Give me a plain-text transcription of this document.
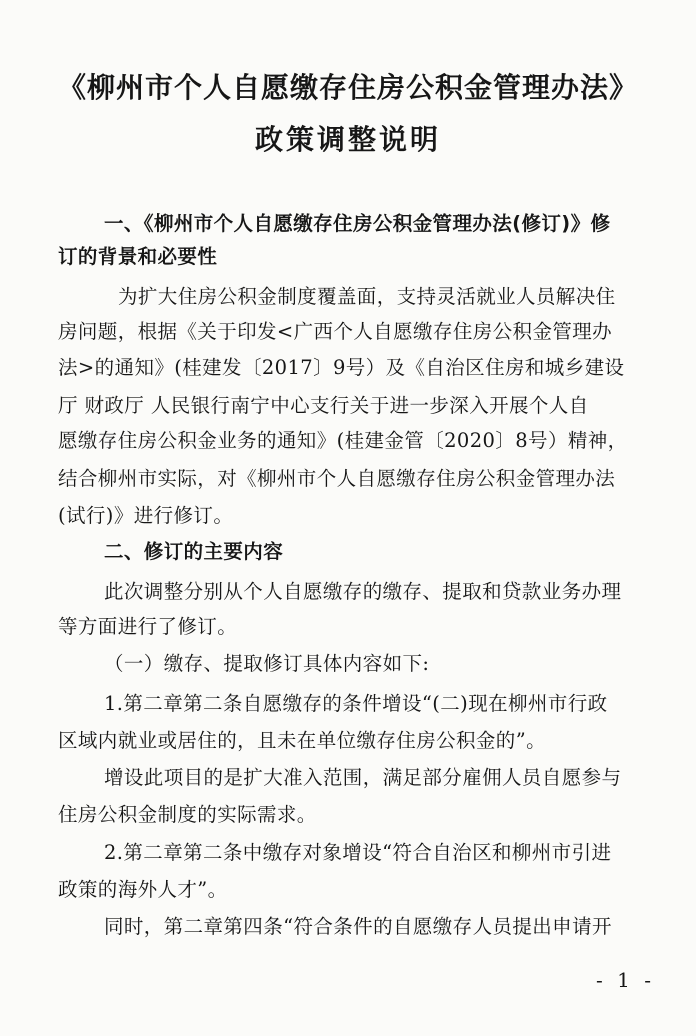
《柳州市个人自愿缴存住房公积金管理办法》
政策调整说明
一、《柳州市个人自愿缴存住房公积金管理办法(修订)》修
订的背景和必要性
为扩大住房公积金制度覆盖面，支持灵活就业人员解决住
房问题，根据《关于印发<广西个人自愿缴存住房公积金管理办
法>的通知》(桂建发〔2017〕9号）及《自治区住房和城乡建设
厅 财政厅 人民银行南宁中心支行关于进一步深入开展个人自
愿缴存住房公积金业务的通知》(桂建金管〔2020〕8号）精神，
结合柳州市实际，对《柳州市个人自愿缴存住房公积金管理办法
(试行)》进行修订。
二、修订的主要内容
此次调整分别从个人自愿缴存的缴存、提取和贷款业务办理
等方面进行了修订。
（一）缴存、提取修订具体内容如下:
1.第二章第二条自愿缴存的条件增设“(二)现在柳州市行政
区域内就业或居住的，且未在单位缴存住房公积金的”。
增设此项目的是扩大准入范围，满足部分雇佣人员自愿参与
住房公积金制度的实际需求。
2.第二章第二条中缴存对象增设“符合自治区和柳州市引进
政策的海外人才”。
同时，第二章第四条“符合条件的自愿缴存人员提出申请开
- 1 -
